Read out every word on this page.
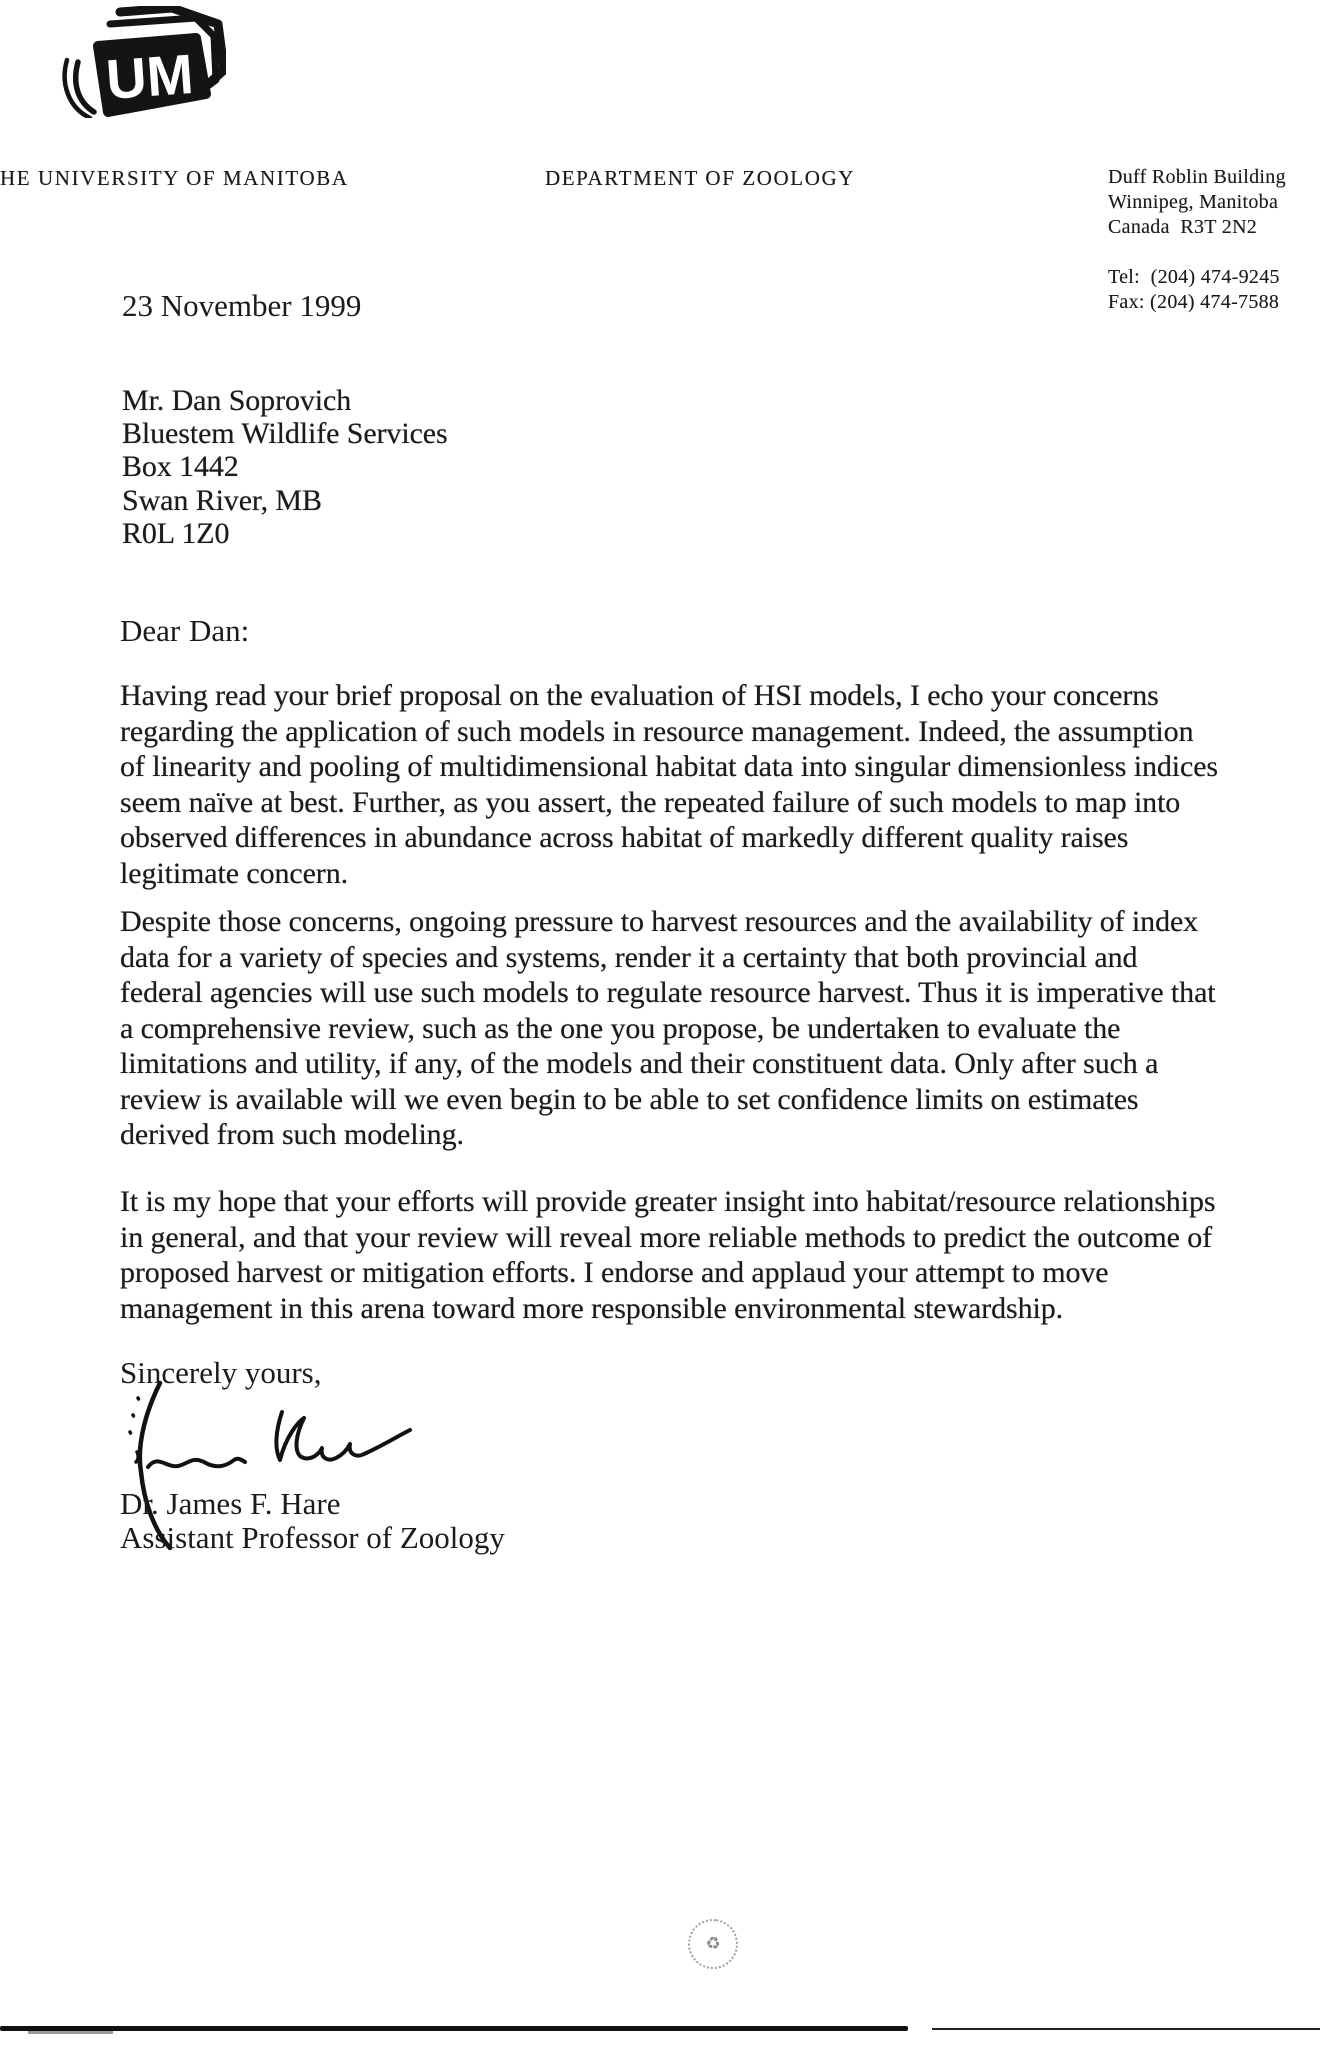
UM
HE UNIVERSITY OF MANITOBA	DEPARTMENT OF ZOOLOGY	Duff Roblin Building
Winnipeg, Manitoba
Canada  R3T 2N2
Tel:  (204) 474-9245
Fax: (204) 474-7588
23 November 1999
Mr. Dan Soprovich
Bluestem Wildlife Services
Box 1442
Swan River, MB
R0L 1Z0
Dear Dan:
Having read your brief proposal on the evaluation of HSI models, I echo your concerns
regarding the application of such models in resource management. Indeed, the assumption
of linearity and pooling of multidimensional habitat data into singular dimensionless indices
seem naïve at best. Further, as you assert, the repeated failure of such models to map into
observed differences in abundance across habitat of markedly different quality raises
legitimate concern.
Despite those concerns, ongoing pressure to harvest resources and the availability of index
data for a variety of species and systems, render it a certainty that both provincial and
federal agencies will use such models to regulate resource harvest. Thus it is imperative that
a comprehensive review, such as the one you propose, be undertaken to evaluate the
limitations and utility, if any, of the models and their constituent data. Only after such a
review is available will we even begin to be able to set confidence limits on estimates
derived from such modeling.
It is my hope that your efforts will provide greater insight into habitat/resource relationships
in general, and that your review will reveal more reliable methods to predict the outcome of
proposed harvest or mitigation efforts. I endorse and applaud your attempt to move
management in this arena toward more responsible environmental stewardship.
Sincerely yours,
Dr. James F. Hare
Assistant Professor of Zoology
♻
